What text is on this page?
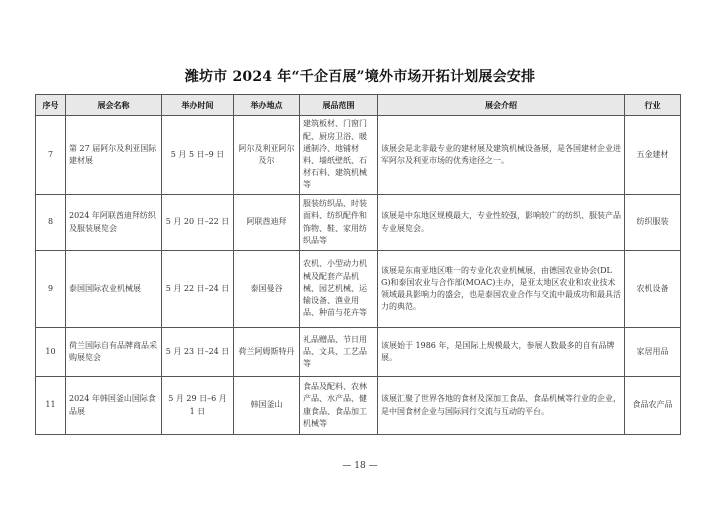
潍坊市 2024 年“千企百展”境外市场开拓计划展会安排
序号	展会名称	举办时间	举办地点	展品范围	展会介绍	行业
7	第 27 届阿尔及利亚国际建材展	5 月 5 日–9 日	阿尔及利亚阿尔及尔	建筑板材、门窗门配、厨房卫浴、暖通制冷、地铺材料、墙纸壁纸、石材石料、建筑机械等	该展会是北非最专业的建材展及建筑机械设备展，是各国建材企业进军阿尔及利亚市场的优秀途径之一。	五金建材
8	2024 年阿联酋迪拜纺织及服装展览会	5 月 20 日–22 日	阿联酋迪拜	服装纺织品、时装面料、纺织配件和饰物、鞋、家用纺织品等	该展是中东地区规模最大，专业性较强，影响较广的纺织、服装产品专业展览会。	纺织服装
9	泰国国际农业机械展	5 月 22 日–24 日	泰国曼谷	农机、小型动力机械及配套产品机械、园艺机械、运输设备、渔业用品、种苗与花卉等	该展是东南亚地区唯一的专业化农业机械展，由德国农业协会(DLG)和泰国农业与合作部(MOAC)主办，是亚太地区农业和农业技术领域最具影响力的盛会，也是泰国农业合作与交流中最成功和最具活力的典范。	农机设备
10	荷兰国际自有品牌商品采购展览会	5 月 23 日–24 日	荷兰阿姆斯特丹	礼品赠品、节日用品、文具、工艺品等	该展始于 1986 年，是国际上规模最大，参展人数最多的自有品牌展。	家居用品
11	2024 年韩国釜山国际食品展	5 月 29 日–6 月 1 日	韩国釜山	食品及配料、农林产品、水产品、健康食品、食品加工机械等	该展汇聚了世界各地的食材及深加工食品、食品机械等行业的企业，是中国食材企业与国际同行交流与互动的平台。	食品农产品
— 18 —
